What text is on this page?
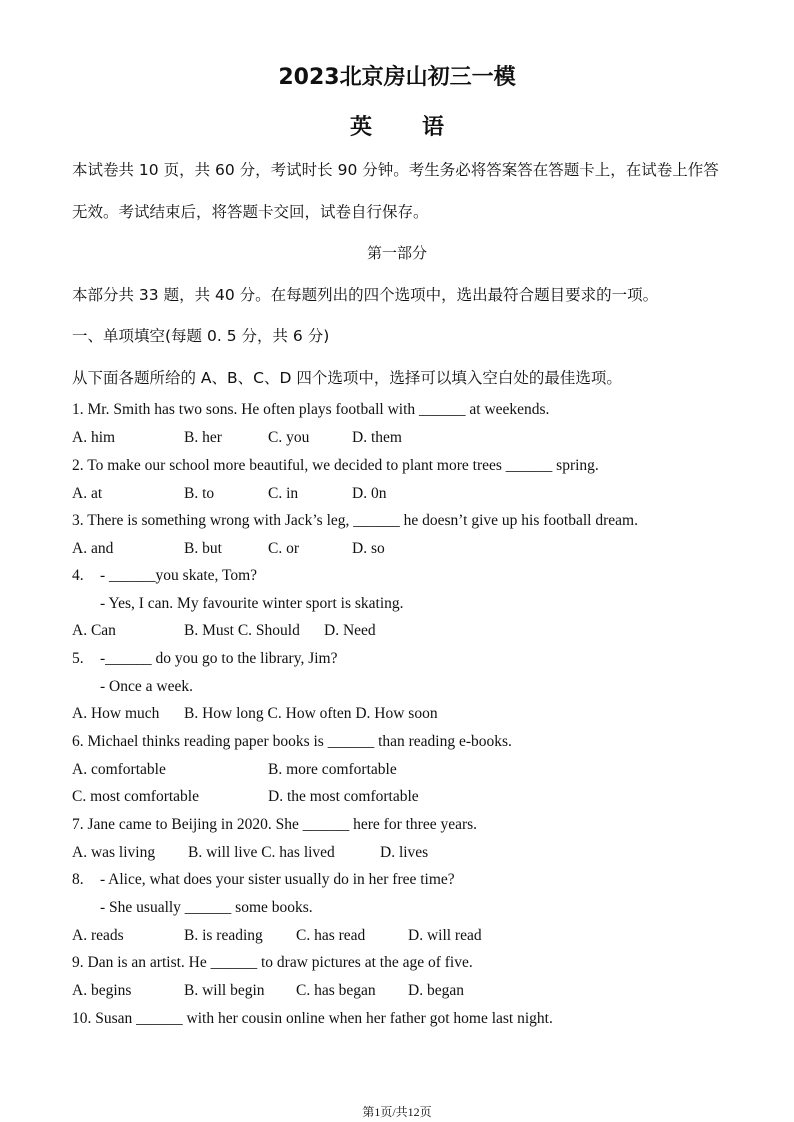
2023北京房山初三一模
英 语
本试卷共 10 页，共 60 分，考试时长 90 分钟。考生务必将答案答在答题卡上，在试卷上作答
无效。考试结束后，将答题卡交回，试卷自行保存。
第一部分
本部分共 33 题，共 40 分。在每题列出的四个选项中，选出最符合题目要求的一项。
一、单项填空(每题 0. 5 分，共 6 分)
从下面各题所给的 A、B、C、D 四个选项中，选择可以填入空白处的最佳选项。
1. Mr. Smith has two sons. He often plays football with ______ at weekends.
A. him	B. her	C. you	D. them
2. To make our school more beautiful, we decided to plant more trees ______ spring.
A. at	B. to	C. in	D. 0n
3. There is something wrong with Jack’s leg, ______ he doesn’t give up his football dream.
A. and	B. but	C. or	D. so
4. - ______you skate, Tom?
- Yes, I can. My favourite winter sport is skating.
A. Can	B. Must C. Should D. Need
5. -______ do you go to the library, Jim?
- Once a week.
A. How much B. How long C. How often D. How soon
6. Michael thinks reading paper books is ______ than reading e-books.
A. comfortable	B. more comfortable
C. most comfortable	D. the most comfortable
7. Jane came to Beijing in 2020. She ______ here for three years.
A. was living B. will live C. has lived	D. lives
8. - Alice, what does your sister usually do in her free time?
- She usually ______ some books.
A. reads	B. is reading C. has read	D. will read
9. Dan is an artist. He ______ to draw pictures at the age of five.
A. begins	B. will begin C. has began D. began
10. Susan ______ with her cousin online when her father got home last night.
第1页/共12页
